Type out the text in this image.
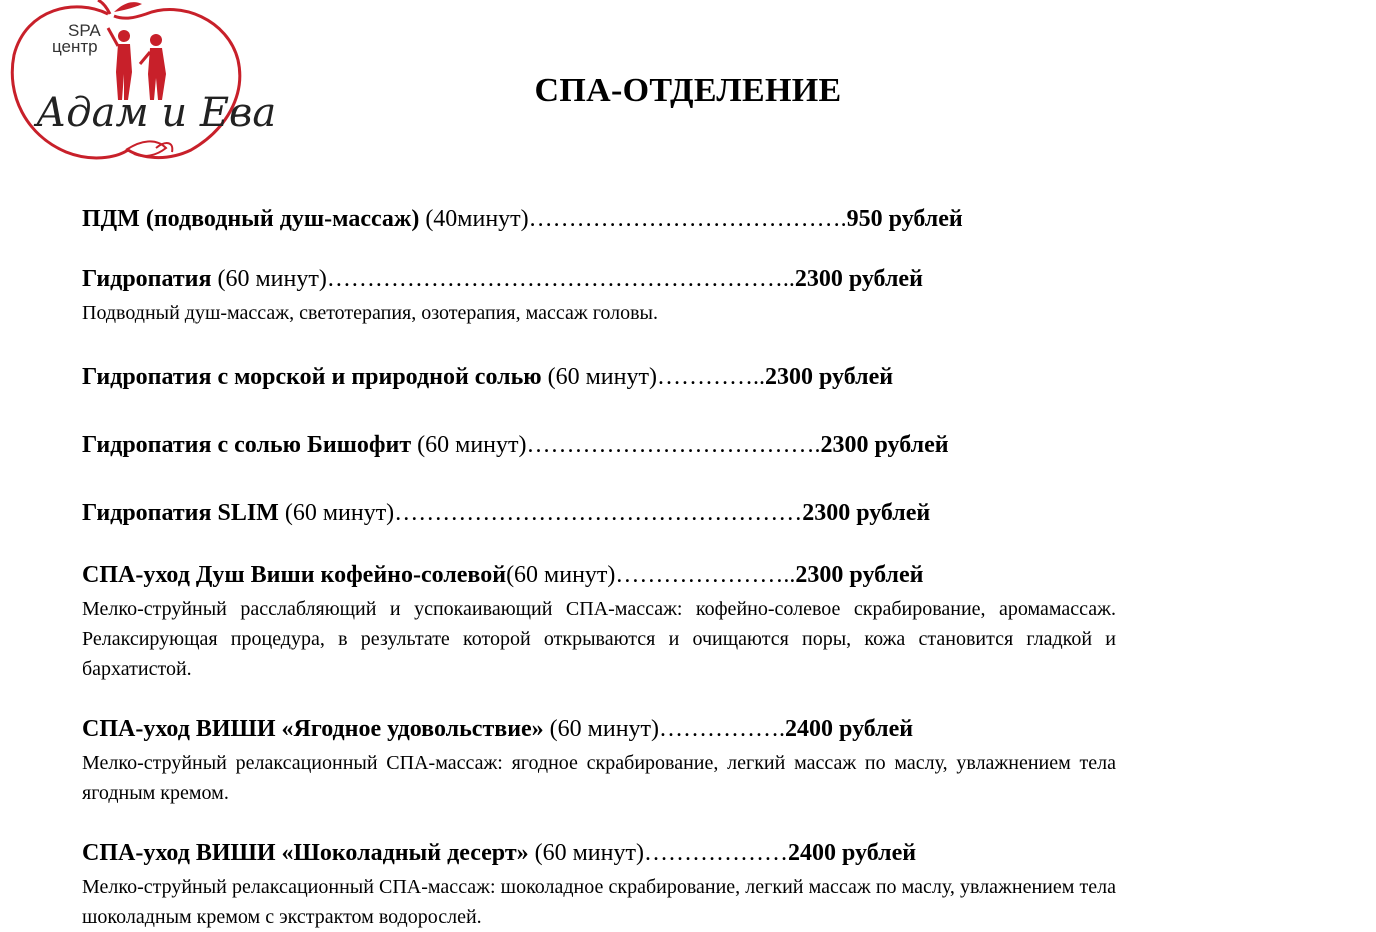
SPA
центр
Адам и Ева	СПА-ОТДЕЛЕНИЕ
ПДМ (подводный душ-массаж) (40минут)………………………………….950 рублей
Гидропатия (60 минут)…………………………………………………..2300 рублей
Подводный душ-массаж, светотерапия, озотерапия, массаж головы.
Гидропатия с морской и природной солью (60 минут)…………..2300 рублей
Гидропатия с солью Бишофит (60 минут)……………………………….2300 рублей
Гидропатия SLIM (60 минут)……………………………………………2300 рублей
СПА-уход Душ Виши кофейно-солевой(60 минут)…………………..2300 рублей
Мелко-струйный расслабляющий и успокаивающий СПА-массаж: кофейно-солевое скрабирование, аромамассаж. Релаксирующая процедура, в результате которой открываются и очищаются поры, кожа становится гладкой и бархатистой.
СПА-уход ВИШИ «Ягодное удовольствие» (60 минут)…………….2400 рублей
Мелко-струйный релаксационный СПА-массаж: ягодное скрабирование, легкий массаж по маслу, увлажнением тела ягодным кремом.
СПА-уход ВИШИ «Шоколадный десерт» (60 минут)………………2400 рублей
Мелко-струйный релаксационный СПА-массаж: шоколадное скрабирование, легкий массаж по маслу, увлажнением тела шоколадным кремом с экстрактом водорослей.
